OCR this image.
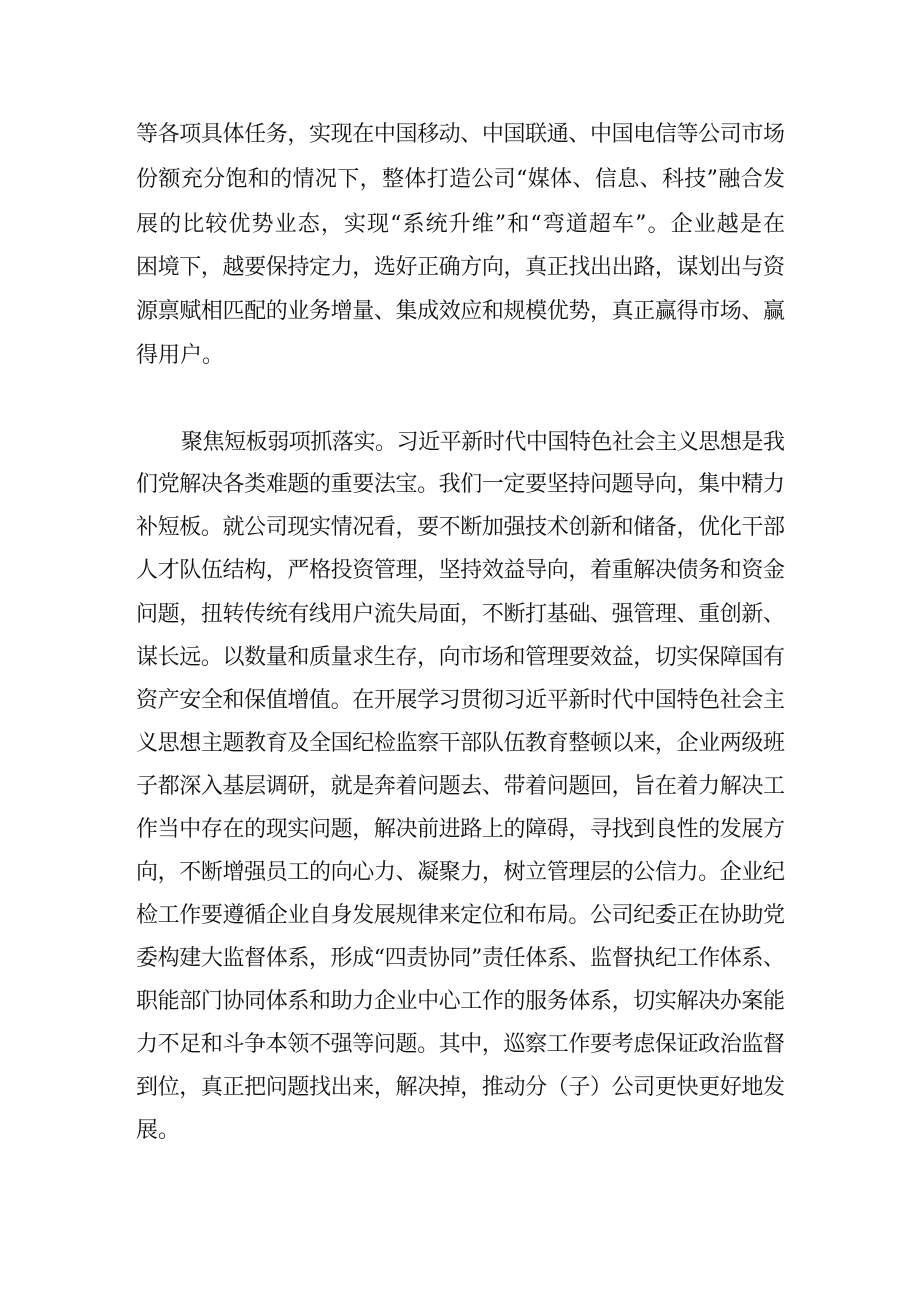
等各项具体任务，实现在中国移动、中国联通、中国电信等公司市场
份额充分饱和的情况下，整体打造公司“媒体、信息、科技”融合发
展的比较优势业态，实现“系统升维”和“弯道超车”。企业越是在
困境下，越要保持定力，选好正确方向，真正找出出路，谋划出与资
源禀赋相匹配的业务增量、集成效应和规模优势，真正赢得市场、赢
得用户。
聚焦短板弱项抓落实。习近平新时代中国特色社会主义思想是我
们党解决各类难题的重要法宝。我们一定要坚持问题导向，集中精力
补短板。就公司现实情况看，要不断加强技术创新和储备，优化干部
人才队伍结构，严格投资管理，坚持效益导向，着重解决债务和资金
问题，扭转传统有线用户流失局面，不断打基础、强管理、重创新、
谋长远。以数量和质量求生存，向市场和管理要效益，切实保障国有
资产安全和保值增值。在开展学习贯彻习近平新时代中国特色社会主
义思想主题教育及全国纪检监察干部队伍教育整顿以来，企业两级班
子都深入基层调研，就是奔着问题去、带着问题回，旨在着力解决工
作当中存在的现实问题，解决前进路上的障碍，寻找到良性的发展方
向，不断增强员工的向心力、凝聚力，树立管理层的公信力。企业纪
检工作要遵循企业自身发展规律来定位和布局。公司纪委正在协助党
委构建大监督体系，形成“四责协同”责任体系、监督执纪工作体系、
职能部门协同体系和助力企业中心工作的服务体系，切实解决办案能
力不足和斗争本领不强等问题。其中，巡察工作要考虑保证政治监督
到位，真正把问题找出来，解决掉，推动分（子）公司更快更好地发
展。
